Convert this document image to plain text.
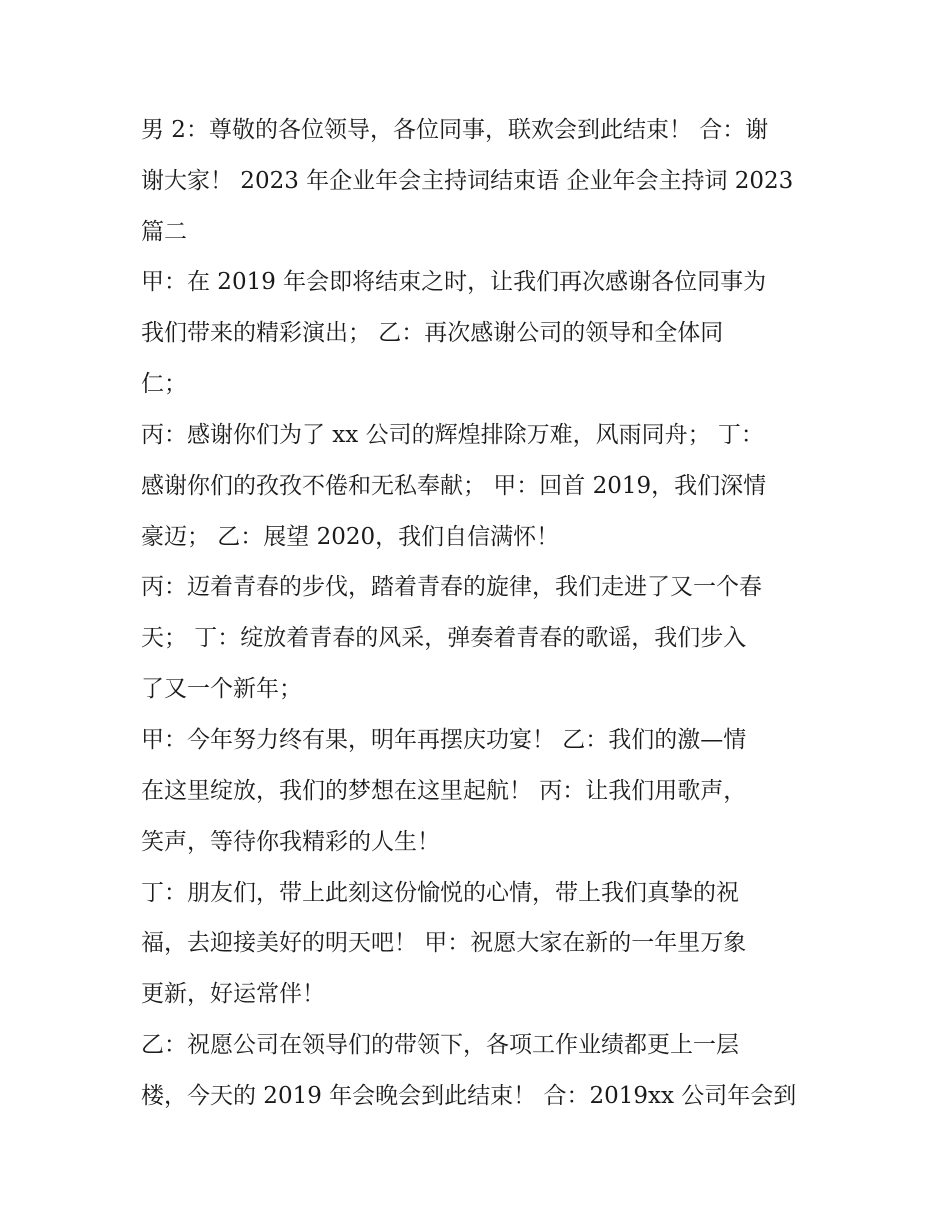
男 2：尊敬的各位领导，各位同事，联欢会到此结束！ 合：谢
谢大家！ 2023 年企业年会主持词结束语 企业年会主持词 2023
篇二
甲：在 2019 年会即将结束之时，让我们再次感谢各位同事为
我们带来的精彩演出； 乙：再次感谢公司的领导和全体同
仁；
丙：感谢你们为了 xx 公司的辉煌排除万难，风雨同舟； 丁：
感谢你们的孜孜不倦和无私奉献； 甲：回首 2019，我们深情
豪迈； 乙：展望 2020，我们自信满怀！
丙：迈着青春的步伐，踏着青春的旋律，我们走进了又一个春
天； 丁：绽放着青春的风采，弹奏着青春的歌谣，我们步入
了又一个新年；
甲：今年努力终有果，明年再摆庆功宴！ 乙：我们的激—情
在这里绽放，我们的梦想在这里起航！ 丙：让我们用歌声，
笑声，等待你我精彩的人生！
丁：朋友们，带上此刻这份愉悦的心情，带上我们真挚的祝
福，去迎接美好的明天吧！ 甲：祝愿大家在新的一年里万象
更新，好运常伴！
乙：祝愿公司在领导们的带领下，各项工作业绩都更上一层
楼，今天的 2019 年会晚会到此结束！ 合：2019xx 公司年会到
